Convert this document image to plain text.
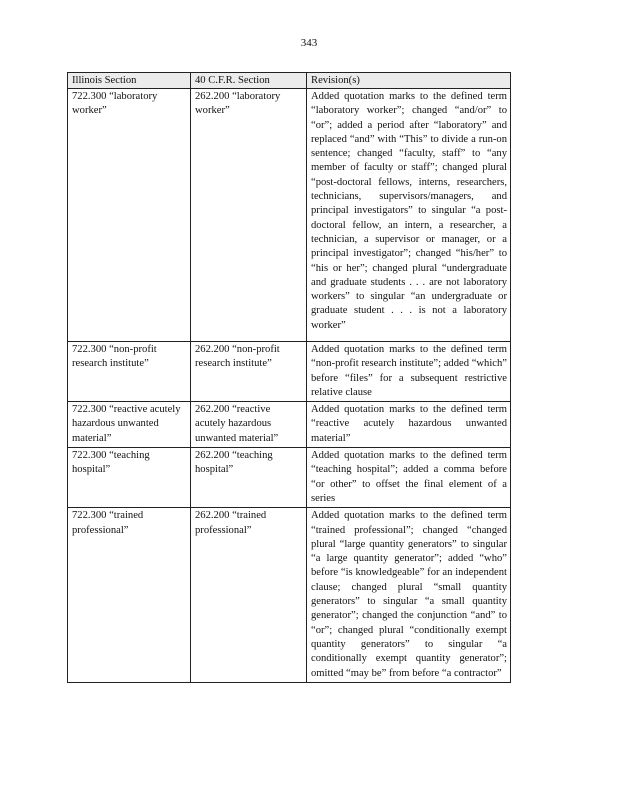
343
Illinois Section	40 C.F.R. Section	Revision(s)
722.300 “laboratory worker”	262.200 “laboratory worker”	Added quotation marks to the defined term “laboratory worker”; changed “and/or” to “or”; added a period after “laboratory” and replaced “and” with “This” to divide a run-on sentence; changed “faculty, staff” to “any member of faculty or staff”; changed plural “post-doctoral fellows, interns, researchers, technicians, supervisors/managers, and principal investigators” to singular “a post-doctoral fellow, an intern, a researcher, a technician, a supervisor or manager, or a principal investigator”; changed “his/her” to “his or her”; changed plural “undergraduate and graduate students . . . are not laboratory workers” to singular “an undergraduate or graduate student . . . is not a laboratory worker”
722.300 “non-profit research institute”	262.200 “non-profit research institute”	Added quotation marks to the defined term “non-profit research institute”; added “which” before “files” for a subsequent restrictive relative clause
722.300 “reactive acutely hazardous unwanted material”	262.200 “reactive acutely hazardous unwanted material”	Added quotation marks to the defined term “reactive acutely hazardous unwanted material”
722.300 “teaching hospital”	262.200 “teaching hospital”	Added quotation marks to the defined term “teaching hospital”; added a comma before “or other” to offset the final element of a series
722.300 “trained professional”	262.200 “trained professional”	Added quotation marks to the defined term “trained professional”; changed “changed plural “large quantity generators” to singular “a large quantity generator”; added “who” before “is knowledgeable” for an independent clause; changed plural “small quantity generators” to singular “a small quantity generator”; changed the conjunction “and” to “or”; changed plural “conditionally exempt quantity generators” to singular “a conditionally exempt quantity generator”; omitted “may be” from before “a contractor”
